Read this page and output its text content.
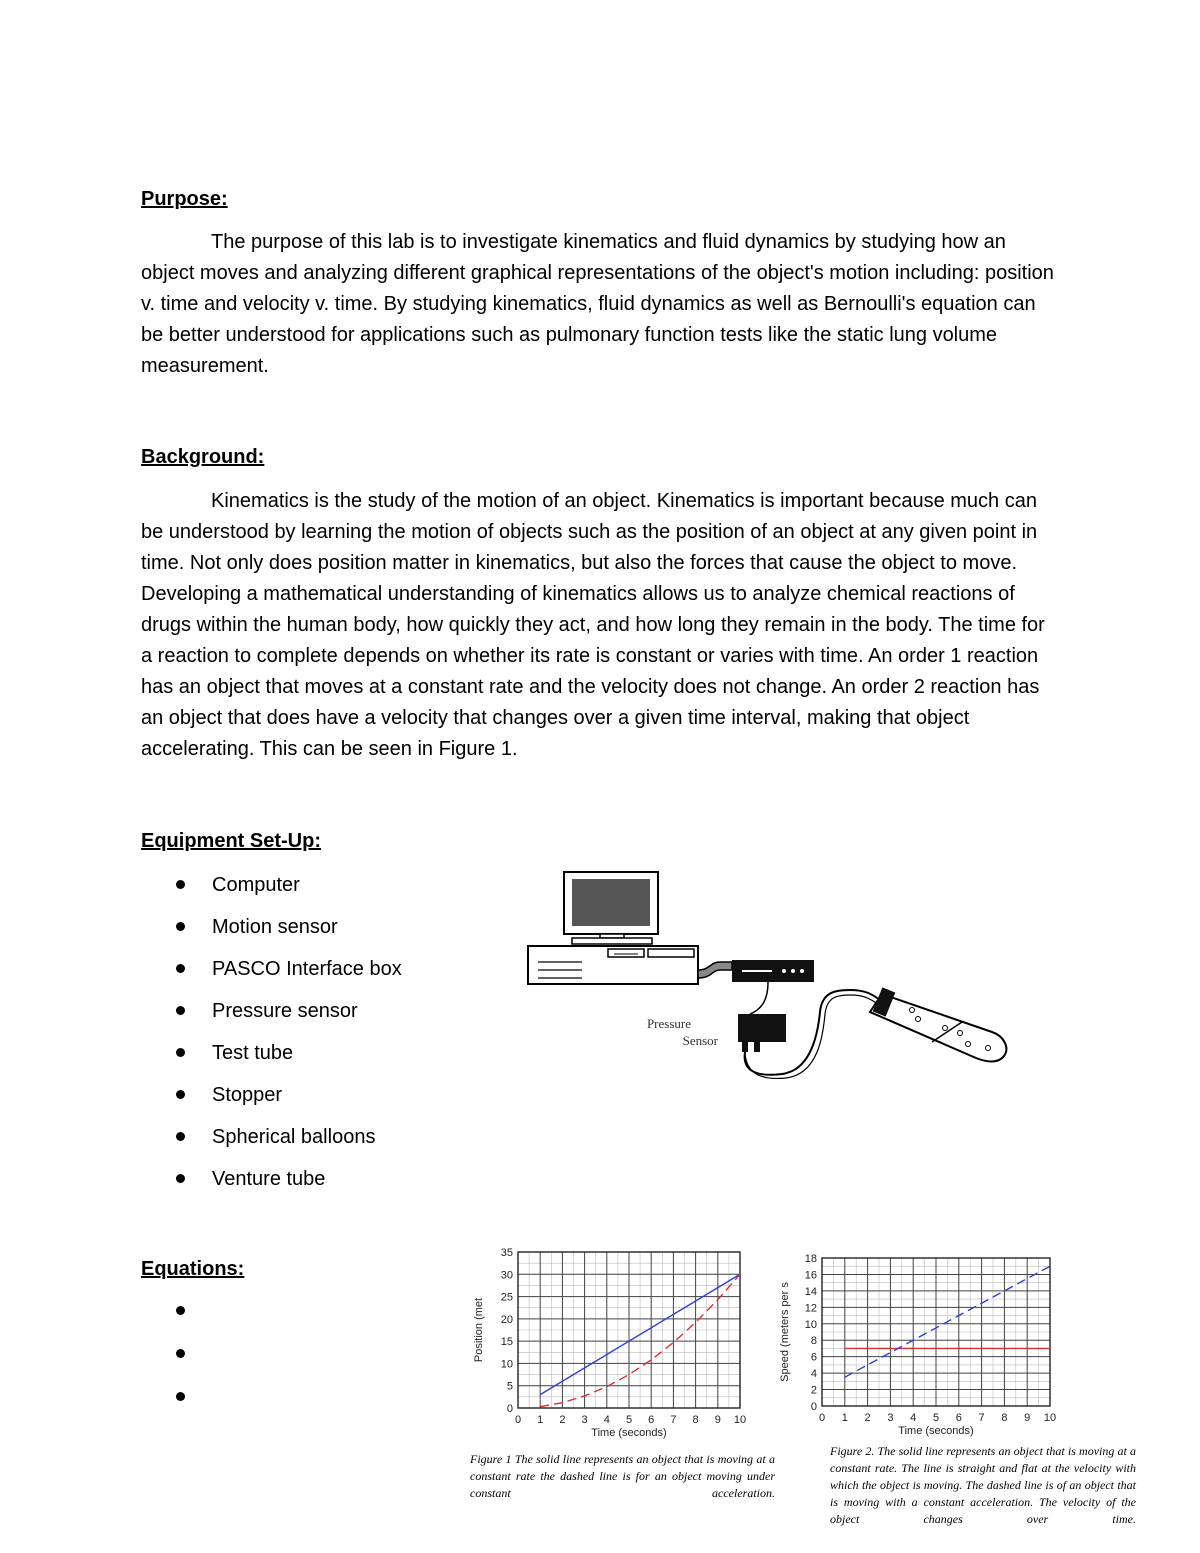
Purpose:
The purpose of this lab is to investigate kinematics and fluid dynamics by studying how an object moves and analyzing different graphical representations of the object's motion including: position v. time and velocity v. time. By studying kinematics, fluid dynamics as well as Bernoulli's equation can be better understood for applications such as pulmonary function tests like the static lung volume measurement.
Background:
Kinematics is the study of the motion of an object. Kinematics is important because much can be understood by learning the motion of objects such as the position of an object at any given point in time. Not only does position matter in kinematics, but also the forces that cause the object to move. Developing a mathematical understanding of kinematics allows us to analyze chemical reactions of drugs within the human body, how quickly they act, and how long they remain in the body. The time for a reaction to complete depends on whether its rate is constant or varies with time. An order 1 reaction has an object that moves at a constant rate and the velocity does not change. An order 2 reaction has an object that does have a velocity that changes over a given time interval, making that object accelerating. This can be seen in Figure 1.
Equipment Set-Up:
Computer
Motion sensor
PASCO Interface box
Pressure sensor
Test tube
Stopper
Spherical balloons
Venture tube
Pressure
Sensor
Equations:
0 1 2 3 4 5 6 7 8 9 10
0
5
10
15
20
25
30
35
Time (seconds)
Position (met
Figure 1 The solid line represents an object that is moving at a constant rate the dashed line is for an object moving under constant acceleration.
0 1 2 3 4 5 6 7 8 9 10
0
2
4
6
8
10
12
14
16
18
Time (seconds)
Speed (meters per s
Figure 2. The solid line represents an object that is moving at a constant rate. The line is straight and flat at the velocity with which the object is moving. The dashed line is of an object that is moving with a constant acceleration. The velocity of the object changes over time.
